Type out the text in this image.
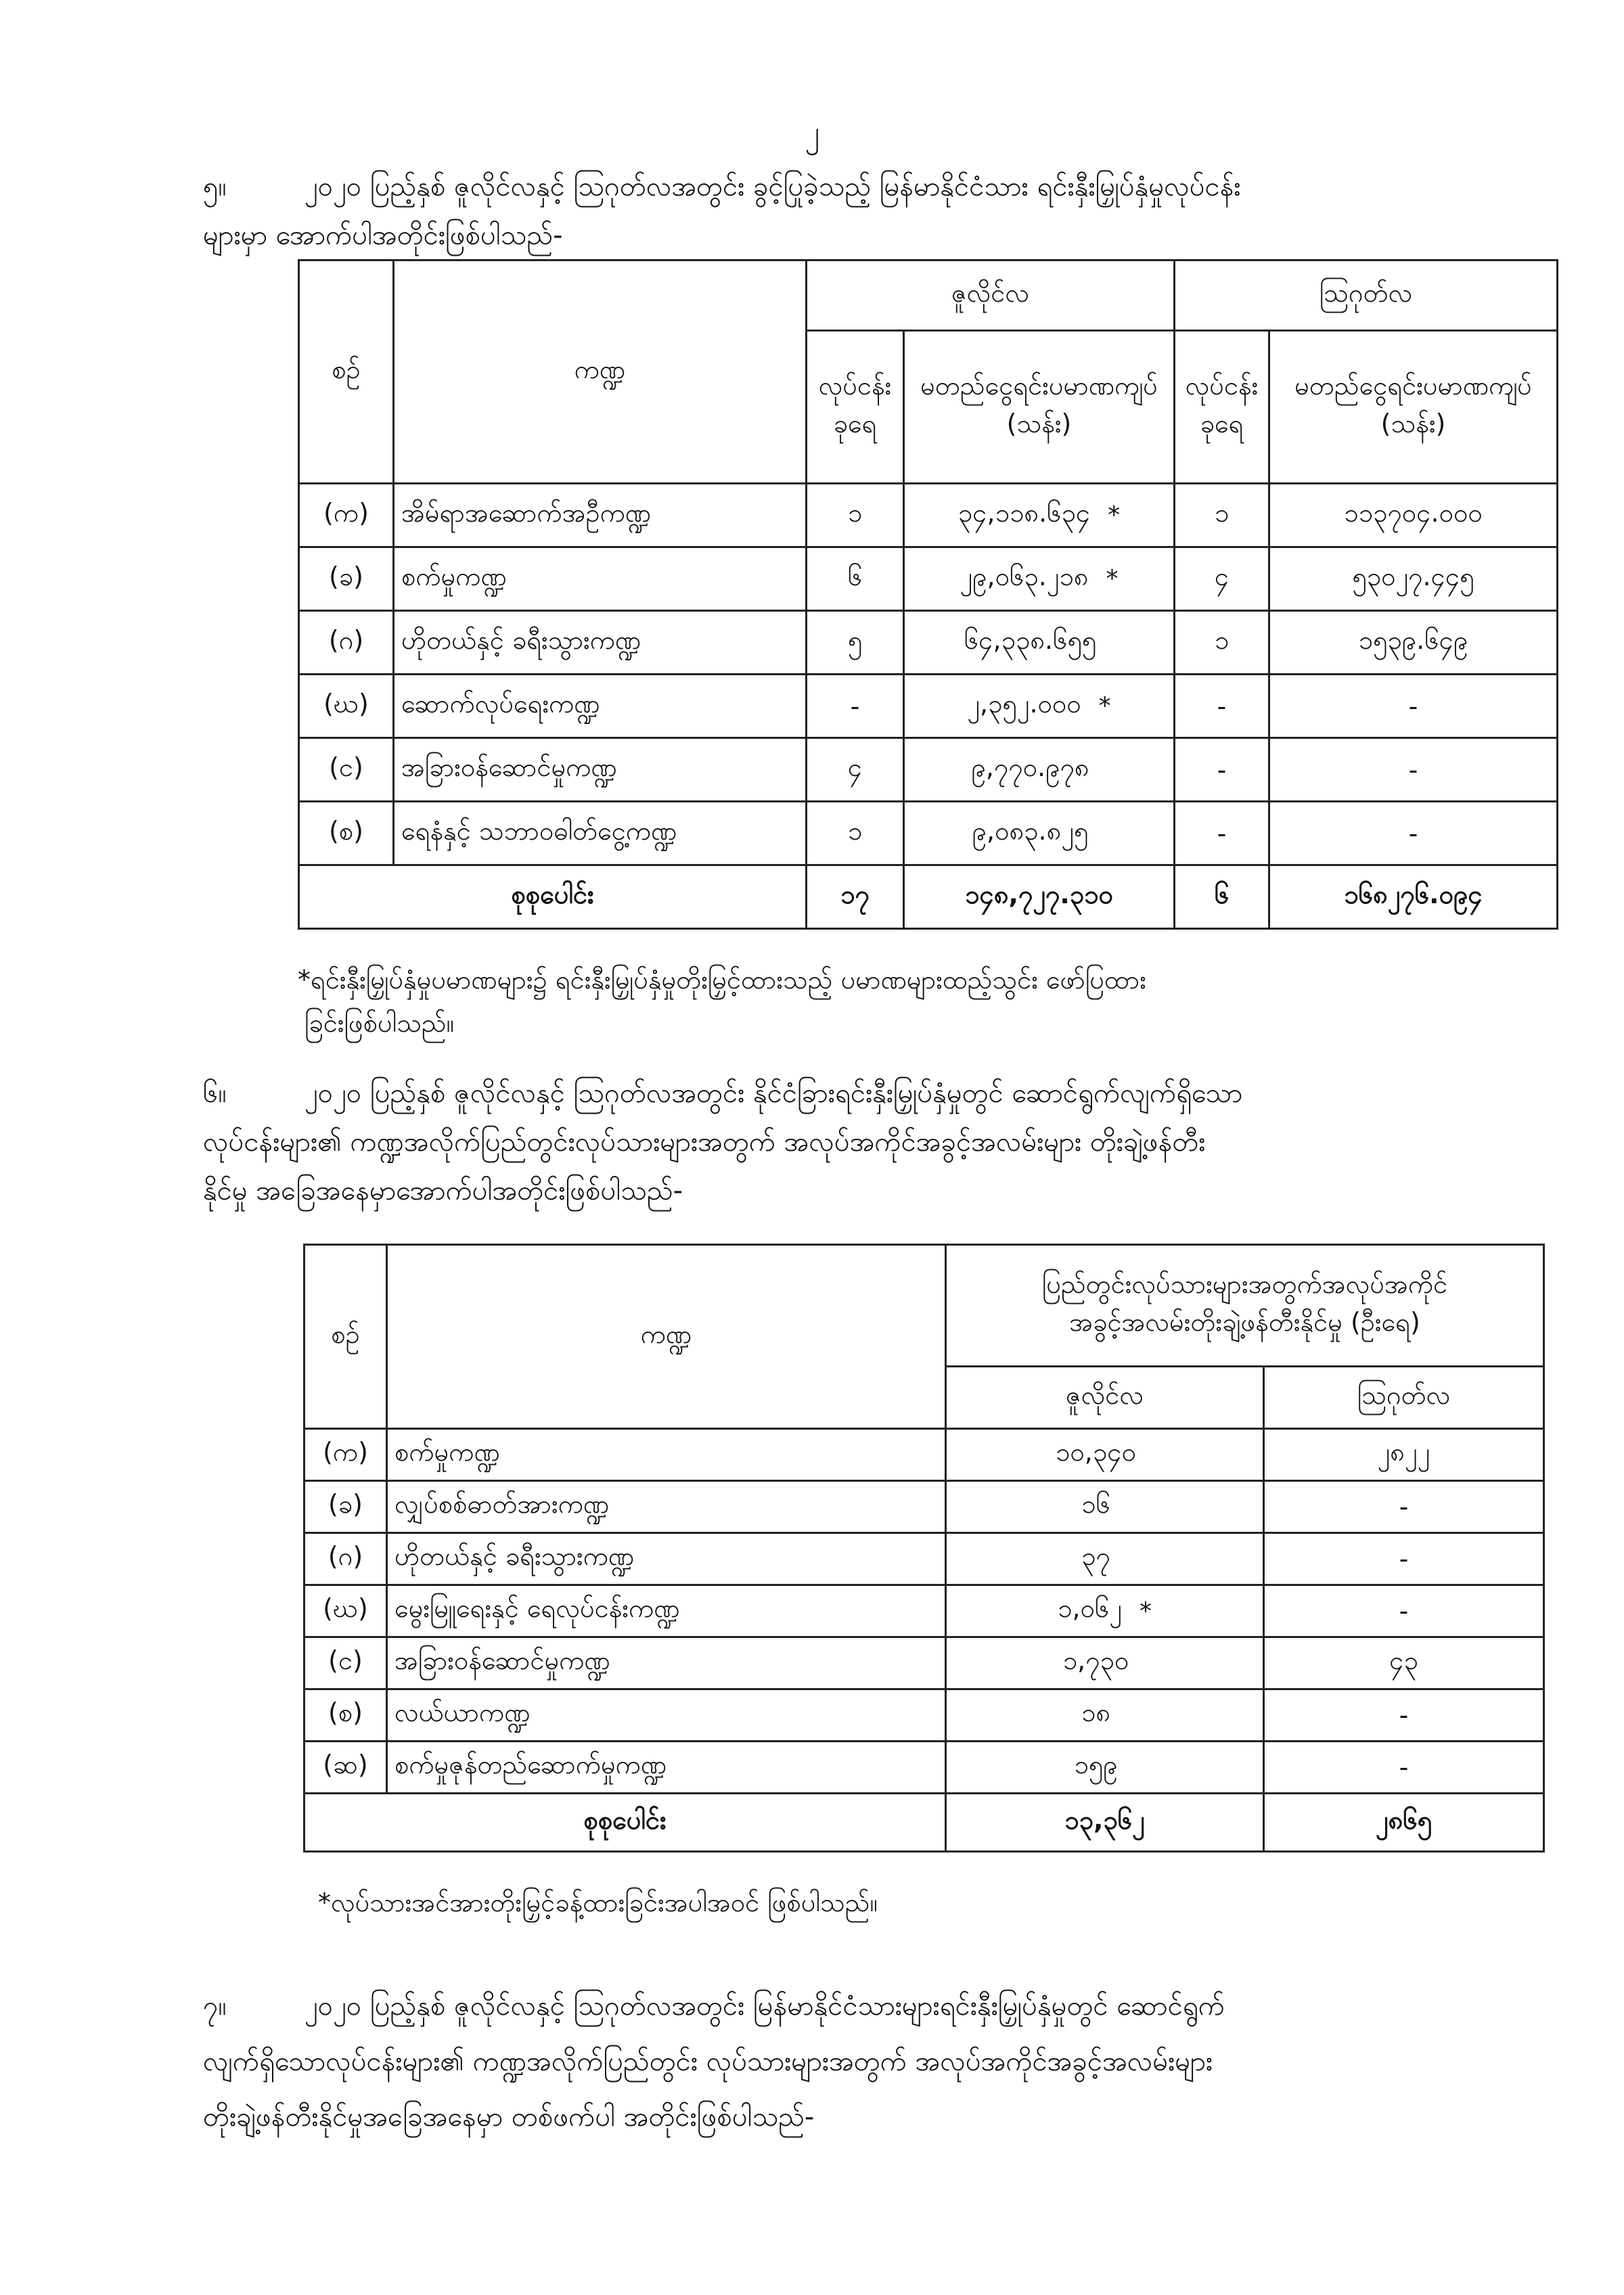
၂
၅။	၂၀၂၀ ပြည့်နှစ် ဇူလိုင်လနှင့် ဩဂုတ်လအတွင်း ခွင့်ပြုခဲ့သည့် မြန်မာနိုင်ငံသား ရင်းနှီးမြှုပ်နှံမှုလုပ်ငန်း
များမှာ အောက်ပါအတိုင်းဖြစ်ပါသည်-
စဉ်	ကဏ္ဍ	ဇူလိုင်လ		ဩဂုတ်လ	
		လုပ်ငန်းခုရေ	မတည်ငွေရင်းပမာဏကျပ် (သန်း)	လုပ်ငန်းခုရေ	မတည်ငွေရင်းပမာဏကျပ် (သန်း)
(က)	အိမ်ရာအဆောက်အဦကဏ္ဍ	၁	၃၄,၁၁၈.၆၃၄ *	၁	၁၁၃၇၀၄.၀၀၀
(ခ)	စက်မှုကဏ္ဍ	၆	၂၉,၀၆၃.၂၁၈ *	၄	၅၃၀၂၇.၄၄၅
(ဂ)	ဟိုတယ်နှင့် ခရီးသွားကဏ္ဍ	၅	၆၄,၃၃၈.၆၅၅	၁	၁၅၃၉.၆၄၉
(ဃ)	ဆောက်လုပ်ရေးကဏ္ဍ	-	၂,၃၅၂.၀၀၀ *	-	-
(င)	အခြားဝန်ဆောင်မှုကဏ္ဍ	၄	၉,၇၇၀.၉၇၈	-	-
(စ)	ရေနံနှင့် သဘာဝဓါတ်ငွေ့ကဏ္ဍ	၁	၉,၀၈၃.၈၂၅	-	-
စုစုပေါင်း		၁၇	၁၄၈,၇၂၇.၃၁၀	၆	၁၆၈၂၇၆.၀၉၄
*ရင်းနှီးမြှုပ်နှံမှုပမာဏများ၌ ရင်းနှီးမြှုပ်နှံမှုတိုးမြှင့်ထားသည့် ပမာဏများထည့်သွင်း ဖော်ပြထား
ခြင်းဖြစ်ပါသည်။
၆။	၂၀၂၀ ပြည့်နှစ် ဇူလိုင်လနှင့် ဩဂုတ်လအတွင်း နိုင်ငံခြားရင်းနှီးမြှုပ်နှံမှုတွင် ဆောင်ရွက်လျက်ရှိသော
လုပ်ငန်းများ၏ ကဏ္ဍအလိုက်ပြည်တွင်းလုပ်သားများအတွက် အလုပ်အကိုင်အခွင့်အလမ်းများ တိုးချဲ့ဖန်တီး
နိုင်မှု အခြေအနေမှာအောက်ပါအတိုင်းဖြစ်ပါသည်-
စဉ်	ကဏ္ဍ	ပြည်တွင်းလုပ်သားများအတွက်အလုပ်အကိုင်
အခွင့်အလမ်းတိုးချဲ့ဖန်တီးနိုင်မှု (ဦးရေ)	

		ဇူလိုင်လ	ဩဂုတ်လ
(က)	စက်မှုကဏ္ဍ	၁၀,၃၄၀	၂၈၂၂
(ခ)	လျှပ်စစ်ဓာတ်အားကဏ္ဍ	၁၆	-
(ဂ)	ဟိုတယ်နှင့် ခရီးသွားကဏ္ဍ	၃၇	-
(ဃ)	မွေးမြူရေးနှင့် ရေလုပ်ငန်းကဏ္ဍ	၁,၀၆၂ *	-
(င)	အခြားဝန်ဆောင်မှုကဏ္ဍ	၁,၇၃၀	၄၃
(စ)	လယ်ယာကဏ္ဍ	၁၈	-
(ဆ)	စက်မှုဇုန်တည်ဆောက်မှုကဏ္ဍ	၁၅၉	-
စုစုပေါင်း		၁၃,၃၆၂	၂၈၆၅
*လုပ်သားအင်အားတိုးမြှင့်ခန့်ထားခြင်းအပါအဝင် ဖြစ်ပါသည်။
၇။	၂၀၂၀ ပြည့်နှစ် ဇူလိုင်လနှင့် ဩဂုတ်လအတွင်း မြန်မာနိုင်ငံသားများရင်းနှီးမြှုပ်နှံမှုတွင် ဆောင်ရွက်
လျက်ရှိသောလုပ်ငန်းများ၏ ကဏ္ဍအလိုက်ပြည်တွင်း လုပ်သားများအတွက် အလုပ်အကိုင်အခွင့်အလမ်းများ
တိုးချဲ့ဖန်တီးနိုင်မှုအခြေအနေမှာ တစ်ဖက်ပါ အတိုင်းဖြစ်ပါသည်-
